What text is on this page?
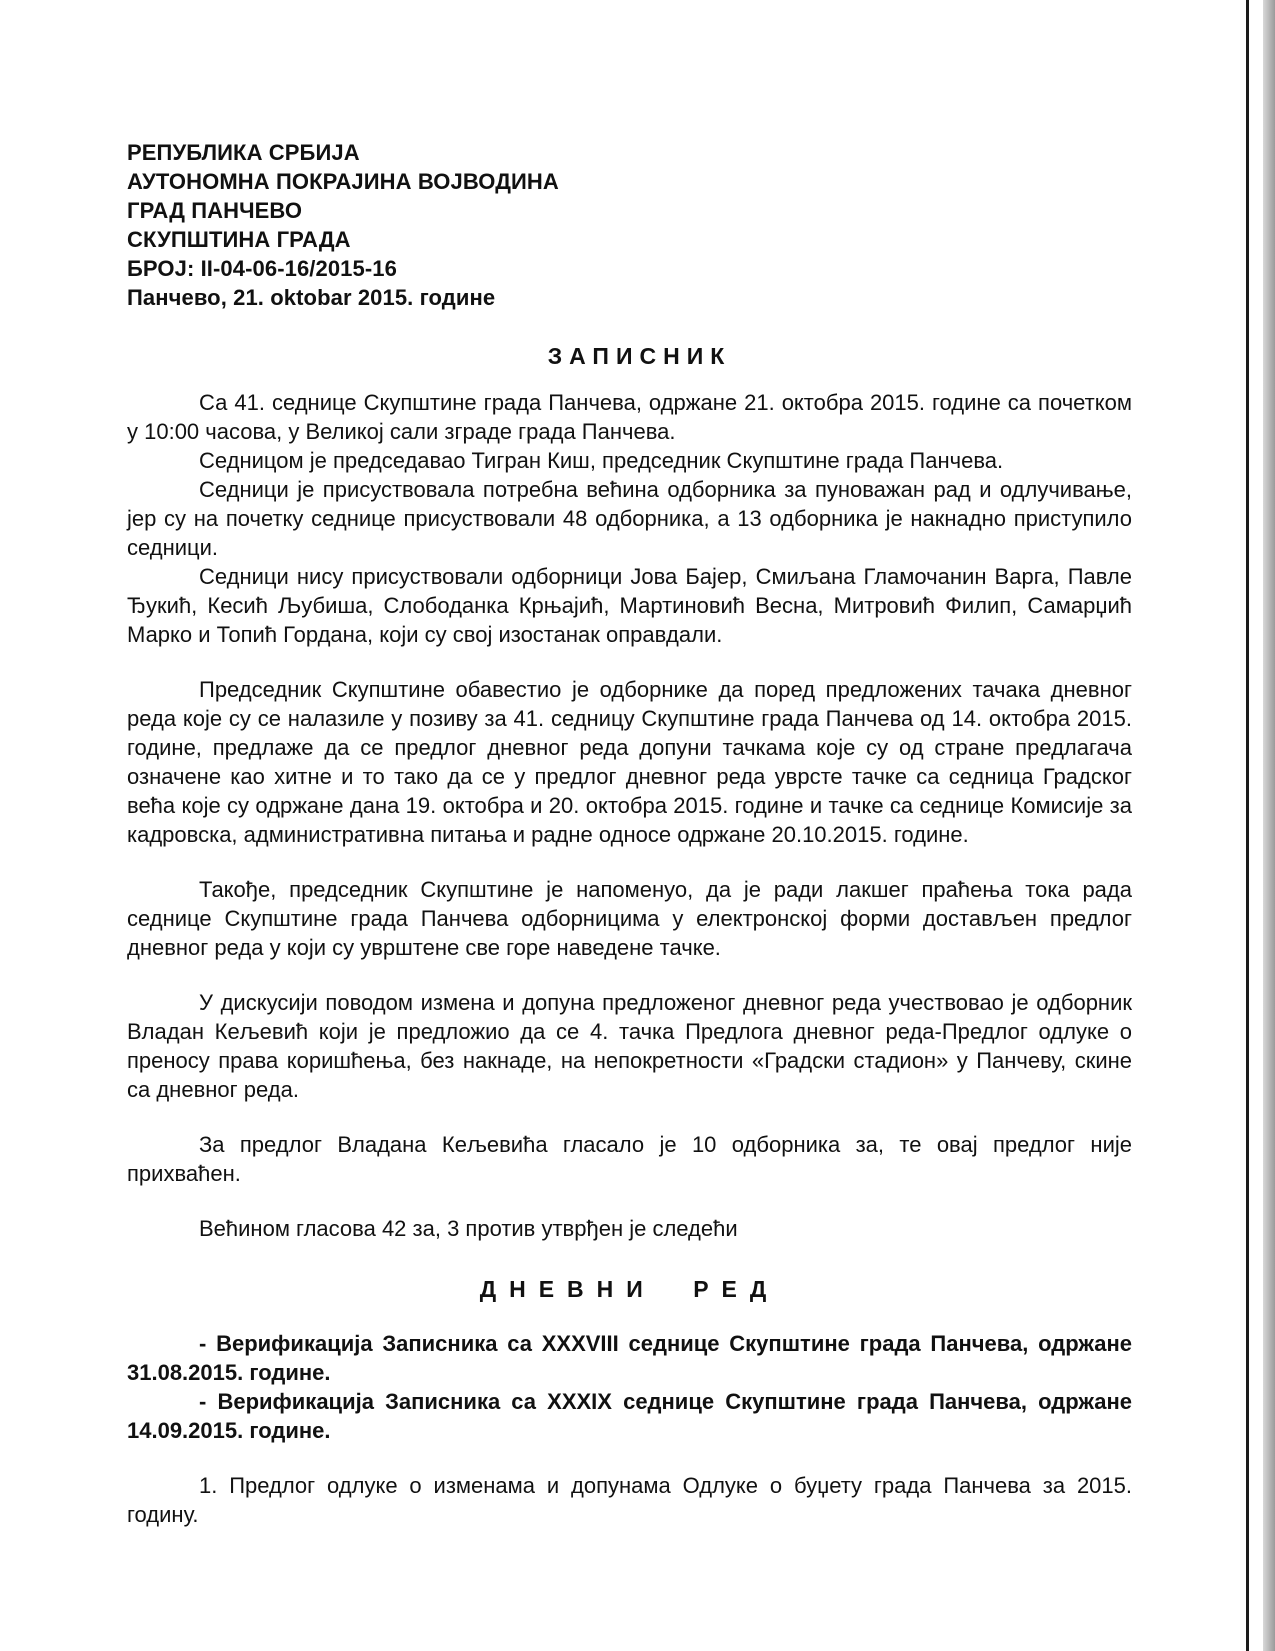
РЕПУБЛИКА СРБИЈА
АУТОНОМНА ПОКРАЈИНА ВОЈВОДИНА
ГРАД ПАНЧЕВО
СКУПШТИНА ГРАДА
БРОЈ: II-04-06-16/2015-16
Панчево, 21. oktobar 2015. године
ЗАПИСНИК

Са 41. седнице Скупштине града Панчева, одржане 21. октобра 2015. године са почетком у 10:00 часова, у Великој сали зграде града Панчева.

Седницом је председавао Тигран Киш, председник Скупштине града Панчева.

Седници је присуствовала потребна већина одборника за пуноважан рад и одлучивање, јер су на почетку седнице присуствовали 48 одборника, а 13 одборника је накнадно приступило седници.

Седници нису присуствовали одборници Јова Бајер, Смиљана Гламочанин Варга, Павле Ђукић, Кесић Љубиша, Слободанка Крњајић, Мартиновић Весна, Митровић Филип, Самарџић Марко и Топић Гордана, који су свој изостанак оправдали.

Председник Скупштине обавестио је одборнике да поред предложених тачака дневног реда које су се налазиле у позиву за 41. седницу Скупштине града Панчева од 14. октобра 2015. године, предлаже да се предлог дневног реда допуни тачкама које су од стране предлагача означене као хитне и то тако да се у предлог дневног реда уврсте тачке са седница Градског већа које су одржане дана 19. октобра и 20. октобра 2015. године и тачке са седнице Комисије за кадровска, административна питања и радне односе одржане 20.10.2015. године.

Такође, председник Скупштине је напоменуо, да је ради лакшег праћења тока рада седнице Скупштине града Панчева одборницима у електронској форми достављен предлог дневног реда у који су уврштене све горе наведене тачке.

У дискусији поводом измена и допуна предложеног дневног реда учествовао је одборник Владан Кељевић који је предложио да се 4. тачка Предлога дневног реда-Предлог одлуке о преносу права коришћења, без накнаде, на непокретности «Градски стадион» у Панчеву, скине са дневног реда.

За предлог Владана Кељевића гласало је 10 одборника за, те овај предлог није прихваћен.

Већином гласова 42 за, 3 против утврђен је следећи

ДНЕВНИ РЕД

- Верификација Записника са XXXVIII седнице Скупштине града Панчева, одржане 31.08.2015. године.

- Верификација Записника са XXXIX седнице Скупштине града Панчева, одржане 14.09.2015. године.

1. Предлог одлуке о изменама и допунама Одлуке о буџету града Панчева за 2015. годину.
